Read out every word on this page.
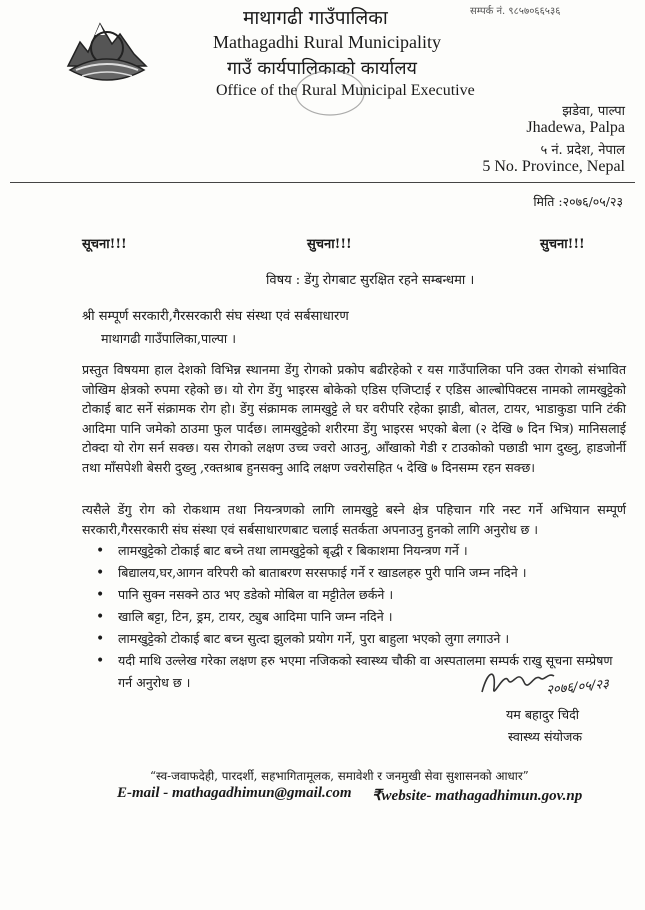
माथागढी गाउँपालिका
Mathagadhi Rural Municipality
गाउँ कार्यपालिकाको कार्यालय
Office of the Rural Municipal Executive
सम्पर्क नं. ९८५७०६६५३६
झडेवा, पाल्पा
Jhadewa, Palpa
५ नं. प्रदेश, नेपाल
5 No. Province, Nepal
मिति :२०७६/०५/२३
सूचना!!!	सुचना!!!	सुचना!!!
विषय : डेंगु रोगबाट सुरक्षित रहने सम्बन्धमा ।
श्री सम्पूर्ण सरकारी,गैरसरकारी संघ संस्था एवं सर्बसाधारण
माथागढी गाउँपालिका,पाल्पा ।
प्रस्तुत विषयमा हाल देशको विभिन्न स्थानमा डेंगु रोगको प्रकोप बढीरहेको र यस गाउँपालिका पनि उक्त रोगको संभावित जोखिम क्षेत्रको रुपमा रहेको छ। यो रोग डेंगु भाइरस बोकेको एडिस एजिप्टाई र एडिस आल्बोपिक्टस नामको लामखुट्टेको टोकाई बाट सर्ने संक्रामक रोग हो। डेंगु संक्रामक लामखुट्टे ले घर वरीपरि रहेका झाडी, बोतल, टायर, भाडाकुडा पानि टंकी आदिमा पानि जमेको ठाउमा फुल पार्दछ। लामखुट्टेको शरीरमा डेंगु भाइरस भएको बेला (२ देखि ७ दिन भित्र) मानिसलाई टोक्दा यो रोग सर्न सक्छ। यस रोगको लक्षण उच्च ज्वरो आउनु, आँखाको गेडी र टाउकोको पछाडी भाग दुख्नु, हाडजोर्नी तथा माँसपेशी बेसरी दुख्नु ,रक्तश्राब हुनसक्नु आदि लक्षण ज्वरोसहित ५ देखि ७ दिनसम्म रहन सक्छ।
त्यसैले डेंगु रोग को रोकथाम तथा नियन्त्रणको लागि लामखुट्टे बस्ने क्षेत्र पहिचान गरि नस्ट गर्ने अभियान सम्पूर्ण सरकारी,गैरसरकारी संघ संस्था एवं सर्बसाधारणबाट चलाई सतर्कता अपनाउनु हुनको लागि अनुरोध छ ।
• लामखुट्टेको टोकाई बाट बच्ने तथा लामखुट्टेको बृद्धी र बिकाशमा नियन्त्रण गर्ने ।
• बिद्यालय,घर,आगन वरिपरी को बाताबरण सरसफाई गर्ने र खाडलहरु पुरी पानि जम्न नदिने ।
• पानि सुक्न नसक्ने ठाउ भए डडेको मोबिल वा मट्टीतेल छर्कने ।
• खालि बट्टा, टिन, ड्रम, टायर, ट्युब आदिमा पानि जम्न नदिने ।
• लामखुट्टेको टोकाई बाट बच्न सुत्दा झुलको प्रयोग गर्ने, पुरा बाहुला भएको लुगा लगाउने ।
• यदी माथि उल्लेख गरेका लक्षण हरु भएमा नजिकको स्वास्थ्य चौकी वा अस्पतालमा सम्पर्क राखु सूचना सम्प्रेषण गर्न अनुरोध छ ।	२०७६/०५/२३
यम बहादुर चिदी
स्वास्थ्य संयोजक
“स्व-जवाफदेही, पारदर्शी, सहभागितामूलक, समावेशी र जनमुखी सेवा सुशासनको आधार”
E-mail - mathagadhimun@gmail.com ₹website- mathagadhimun.gov.np
